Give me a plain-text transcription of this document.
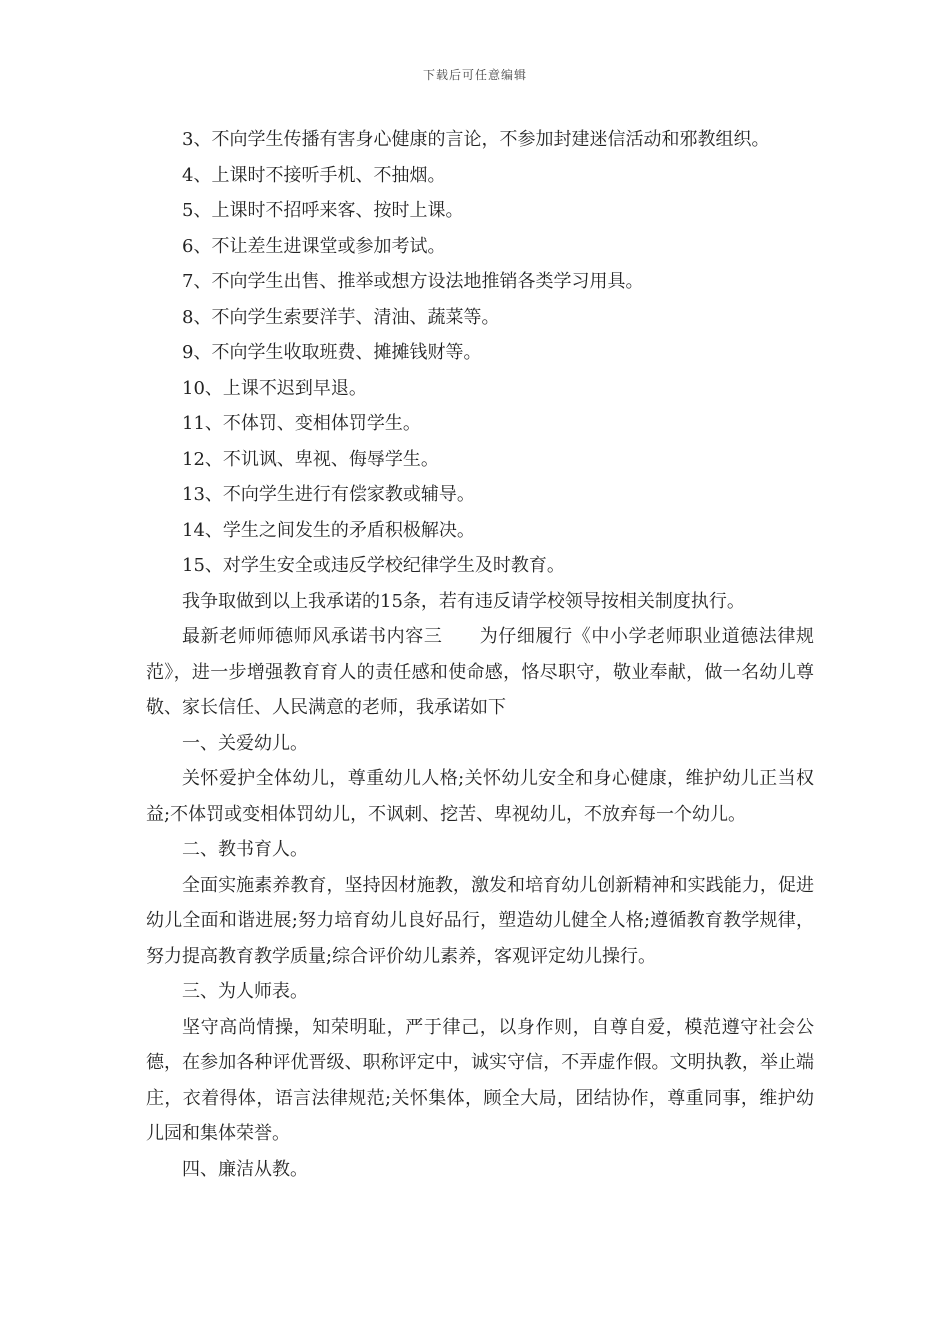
下载后可任意编辑

3、不向学生传播有害身心健康的言论，不参加封建迷信活动和邪教组织。

4、上课时不接听手机、不抽烟。

5、上课时不招呼来客、按时上课。

6、不让差生进课堂或参加考试。

7、不向学生出售、推举或想方设法地推销各类学习用具。

8、不向学生索要洋芋、清油、蔬菜等。

9、不向学生收取班费、摊摊钱财等。

10、上课不迟到早退。

11、不体罚、变相体罚学生。

12、不讥讽、卑视、侮辱学生。

13、不向学生进行有偿家教或辅导。

14、学生之间发生的矛盾积极解决。

15、对学生安全或违反学校纪律学生及时教育。

我争取做到以上我承诺的15条，若有违反请学校领导按相关制度执行。

最新老师师德师风承诺书内容三　　为仔细履行《中小学老师职业道德法律规范》，进一步增强教育育人的责任感和使命感，恪尽职守，敬业奉献，做一名幼儿尊敬、家长信任、人民满意的老师，我承诺如下

一、关爱幼儿。

关怀爱护全体幼儿，尊重幼儿人格;关怀幼儿安全和身心健康，维护幼儿正当权益;不体罚或变相体罚幼儿，不讽刺、挖苦、卑视幼儿，不放弃每一个幼儿。

二、教书育人。

全面实施素养教育，坚持因材施教，激发和培育幼儿创新精神和实践能力，促进幼儿全面和谐进展;努力培育幼儿良好品行，塑造幼儿健全人格;遵循教育教学规律，努力提高教育教学质量;综合评价幼儿素养，客观评定幼儿操行。

三、为人师表。

坚守高尚情操，知荣明耻，严于律己，以身作则，自尊自爱，模范遵守社会公德，在参加各种评优晋级、职称评定中，诚实守信，不弄虚作假。文明执教，举止端庄，衣着得体，语言法律规范;关怀集体，顾全大局，团结协作，尊重同事，维护幼儿园和集体荣誉。

四、廉洁从教。
